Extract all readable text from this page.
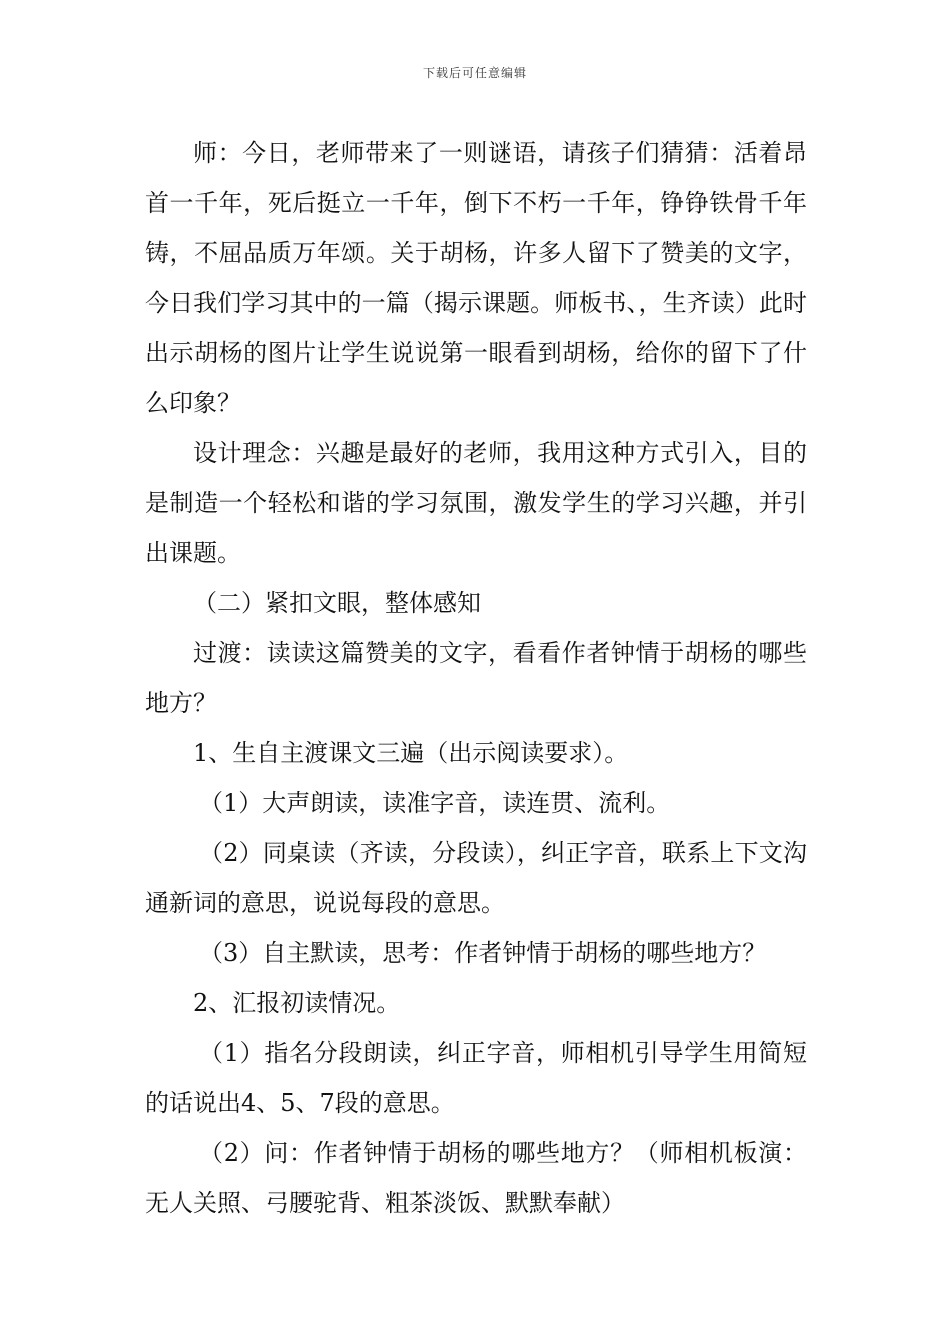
下载后可任意编辑

师：今日，老师带来了一则谜语，请孩子们猜猜：活着昂首一千年，死后挺立一千年，倒下不朽一千年，铮铮铁骨千年铸，不屈品质万年颂。关于胡杨，许多人留下了赞美的文字，今日我们学习其中的一篇（揭示课题。师板书、，生齐读）此时出示胡杨的图片让学生说说第一眼看到胡杨，给你的留下了什么印象？

设计理念：兴趣是最好的老师，我用这种方式引入，目的是制造一个轻松和谐的学习氛围，激发学生的学习兴趣，并引出课题。

（二）紧扣文眼，整体感知

过渡：读读这篇赞美的文字，看看作者钟情于胡杨的哪些地方？

1、生自主渡课文三遍（出示阅读要求）。

（1）大声朗读，读准字音，读连贯、流利。

（2）同桌读（齐读，分段读），纠正字音，联系上下文沟通新词的意思，说说每段的意思。

（3）自主默读，思考：作者钟情于胡杨的哪些地方？

2、汇报初读情况。

（1）指名分段朗读，纠正字音，师相机引导学生用简短的话说出4、5、7段的意思。

（2）问：作者钟情于胡杨的哪些地方？（师相机板演：无人关照、弓腰驼背、粗茶淡饭、默默奉献）
